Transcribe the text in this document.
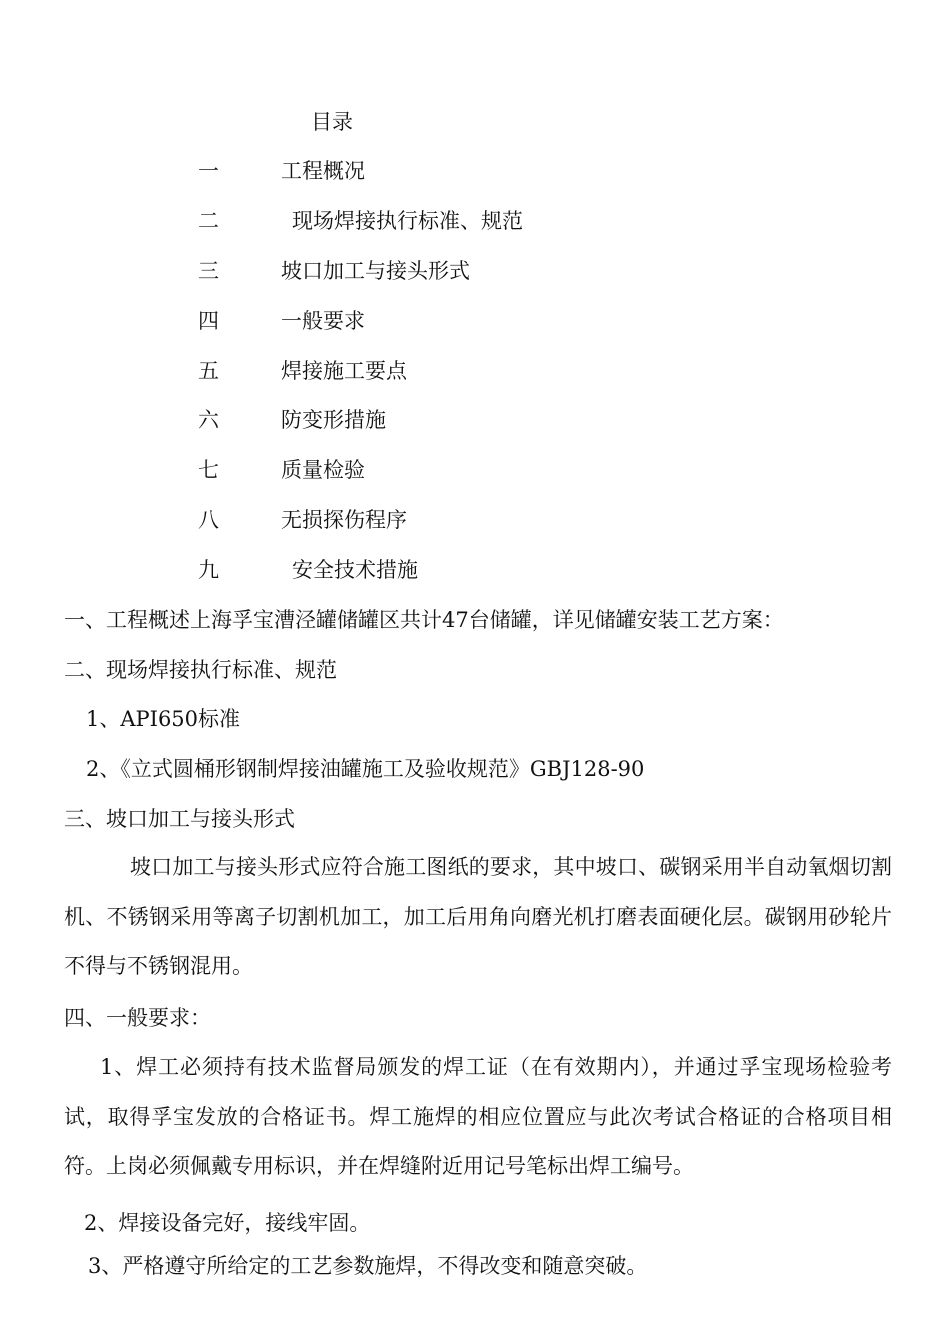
目录
一	工程概况
二	现场焊接执行标准、规范
三	坡口加工与接头形式
四	一般要求
五	焊接施工要点
六	防变形措施
七	质量检验
八	无损探伤程序
九	安全技术措施
一、工程概述上海孚宝漕泾罐储罐区共计47台储罐，详见储罐安装工艺方案：
二、现场焊接执行标准、规范
1、API650标准
2、《立式圆桶形钢制焊接油罐施工及验收规范》GBJ128-90
三、坡口加工与接头形式
坡口加工与接头形式应符合施工图纸的要求，其中坡口、碳钢采用半自动氧烟切割机、不锈钢采用等离子切割机加工，加工后用角向磨光机打磨表面硬化层。碳钢用砂轮片不得与不锈钢混用。
四、一般要求：
1、焊工必须持有技术监督局颁发的焊工证（在有效期内），并通过孚宝现场检验考试，取得孚宝发放的合格证书。焊工施焊的相应位置应与此次考试合格证的合格项目相符。上岗必须佩戴专用标识，并在焊缝附近用记号笔标出焊工编号。
2、焊接设备完好，接线牢固。
3、严格遵守所给定的工艺参数施焊，不得改变和随意突破。
